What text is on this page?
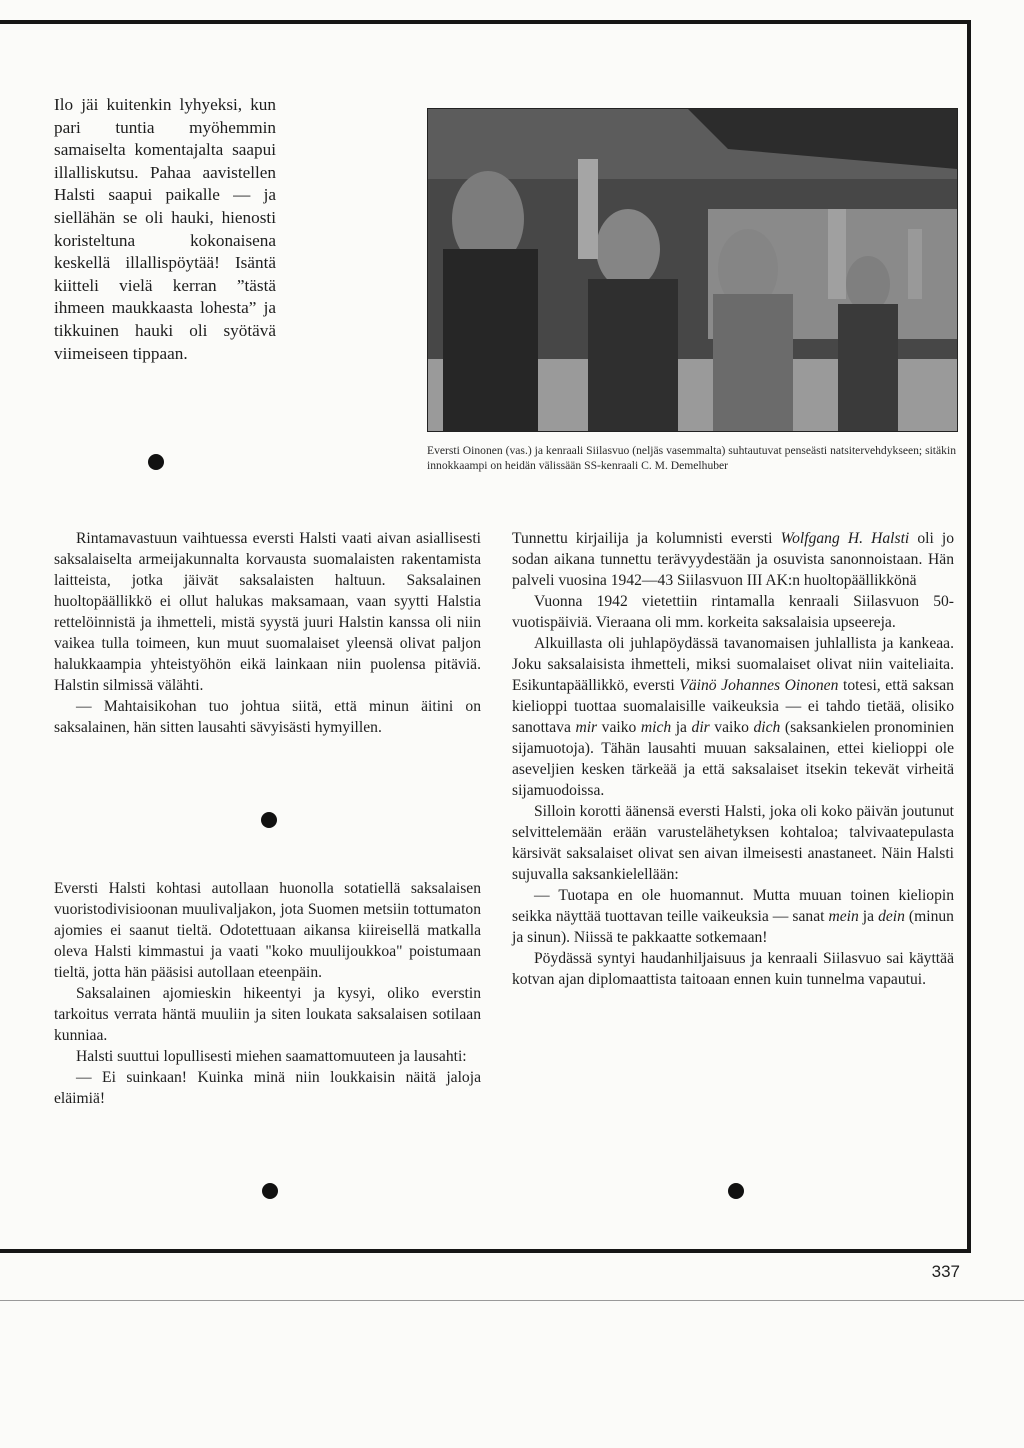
Ilo jäi kuitenkin lyhyeksi, kun pari tuntia myöhemmin samaiselta komentajalta saapui illalliskutsu. Pahaa aavistellen Halsti saapui paikalle — ja siellähän se oli hauki, hienosti koristeltuna kokonaisena keskellä illallispöytää! Isäntä kiitteli vielä kerran ”tästä ihmeen maukkaasta lohesta” ja tikkuinen hauki oli syötävä viimeiseen tippaan.

Eversti Oinonen (vas.) ja kenraali Siilasvuo (neljäs vasemmalta) suhtautuvat penseästi natsitervehdykseen; sitäkin innokkaampi on heidän välissään SS-kenraali C. M. Demelhuber

Rintamavastuun vaihtuessa eversti Halsti vaati aivan asiallisesti saksalaiselta armeijakunnalta korvausta suomalaisten rakentamista laitteista, jotka jäivät saksalaisten haltuun. Saksalainen huoltopäällikkö ei ollut halukas maksamaan, vaan syytti Halstia rettelöinnistä ja ihmetteli, mistä syystä juuri Halstin kanssa oli niin vaikea tulla toimeen, kun muut suomalaiset yleensä olivat paljon halukkaampia yhteistyöhön eikä lainkaan niin puolensa pitäviä. Halstin silmissä välähti.

— Mahtaisikohan tuo johtua siitä, että minun äitini on saksalainen, hän sitten lausahti sävyisästi hymyillen.

Eversti Halsti kohtasi autollaan huonolla sotatiellä saksalaisen vuoristodivisioonan muulivaljakon, jota Suomen metsiin tottumaton ajomies ei saanut tieltä. Odotettuaan aikansa kiireisellä matkalla oleva Halsti kimmastui ja vaati "koko muulijoukkoa" poistumaan tieltä, jotta hän pääsisi autollaan eteenpäin.

Saksalainen ajomieskin hikeentyi ja kysyi, oliko everstin tarkoitus verrata häntä muuliin ja siten loukata saksalaisen sotilaan kunniaa.

Halsti suuttui lopullisesti miehen saamattomuuteen ja lausahti:

— Ei suinkaan! Kuinka minä niin loukkaisin näitä jaloja eläimiä!

Tunnettu kirjailija ja kolumnisti eversti Wolfgang H. Halsti oli jo sodan aikana tunnettu terävyydestään ja osuvista sanonnoistaan. Hän palveli vuosina 1942—43 Siilasvuon III AK:n huoltopäällikkönä

Vuonna 1942 vietettiin rintamalla kenraali Siilasvuon 50-vuotispäiviä. Vieraana oli mm. korkeita saksalaisia upseereja.

Alkuillasta oli juhlapöydässä tavanomaisen juhlallista ja kankeaa. Joku saksalaisista ihmetteli, miksi suomalaiset olivat niin vaiteliaita. Esikuntapäällikkö, eversti Väinö Johannes Oinonen totesi, että saksan kielioppi tuottaa suomalaisille vaikeuksia — ei tahdo tietää, olisiko sanottava mir vaiko mich ja dir vaiko dich (saksankielen pronominien sijamuotoja). Tähän lausahti muuan saksalainen, ettei kielioppi ole aseveljien kesken tärkeää ja että saksalaiset itsekin tekevät virheitä sijamuodoissa.

Silloin korotti äänensä eversti Halsti, joka oli koko päivän joutunut selvittelemään erään varustelähetyksen kohtaloa; talvivaatepulasta kärsivät saksalaiset olivat sen aivan ilmeisesti anastaneet. Näin Halsti sujuvalla saksankielellään:

— Tuotapa en ole huomannut. Mutta muuan toinen kieliopin seikka näyttää tuottavan teille vaikeuksia — sanat mein ja dein (minun ja sinun). Niissä te pakkaatte sotkemaan!

Pöydässä syntyi haudanhiljaisuus ja kenraali Siilasvuo sai käyttää kotvan ajan diplomaattista taitoaan ennen kuin tunnelma vapautui.

337
